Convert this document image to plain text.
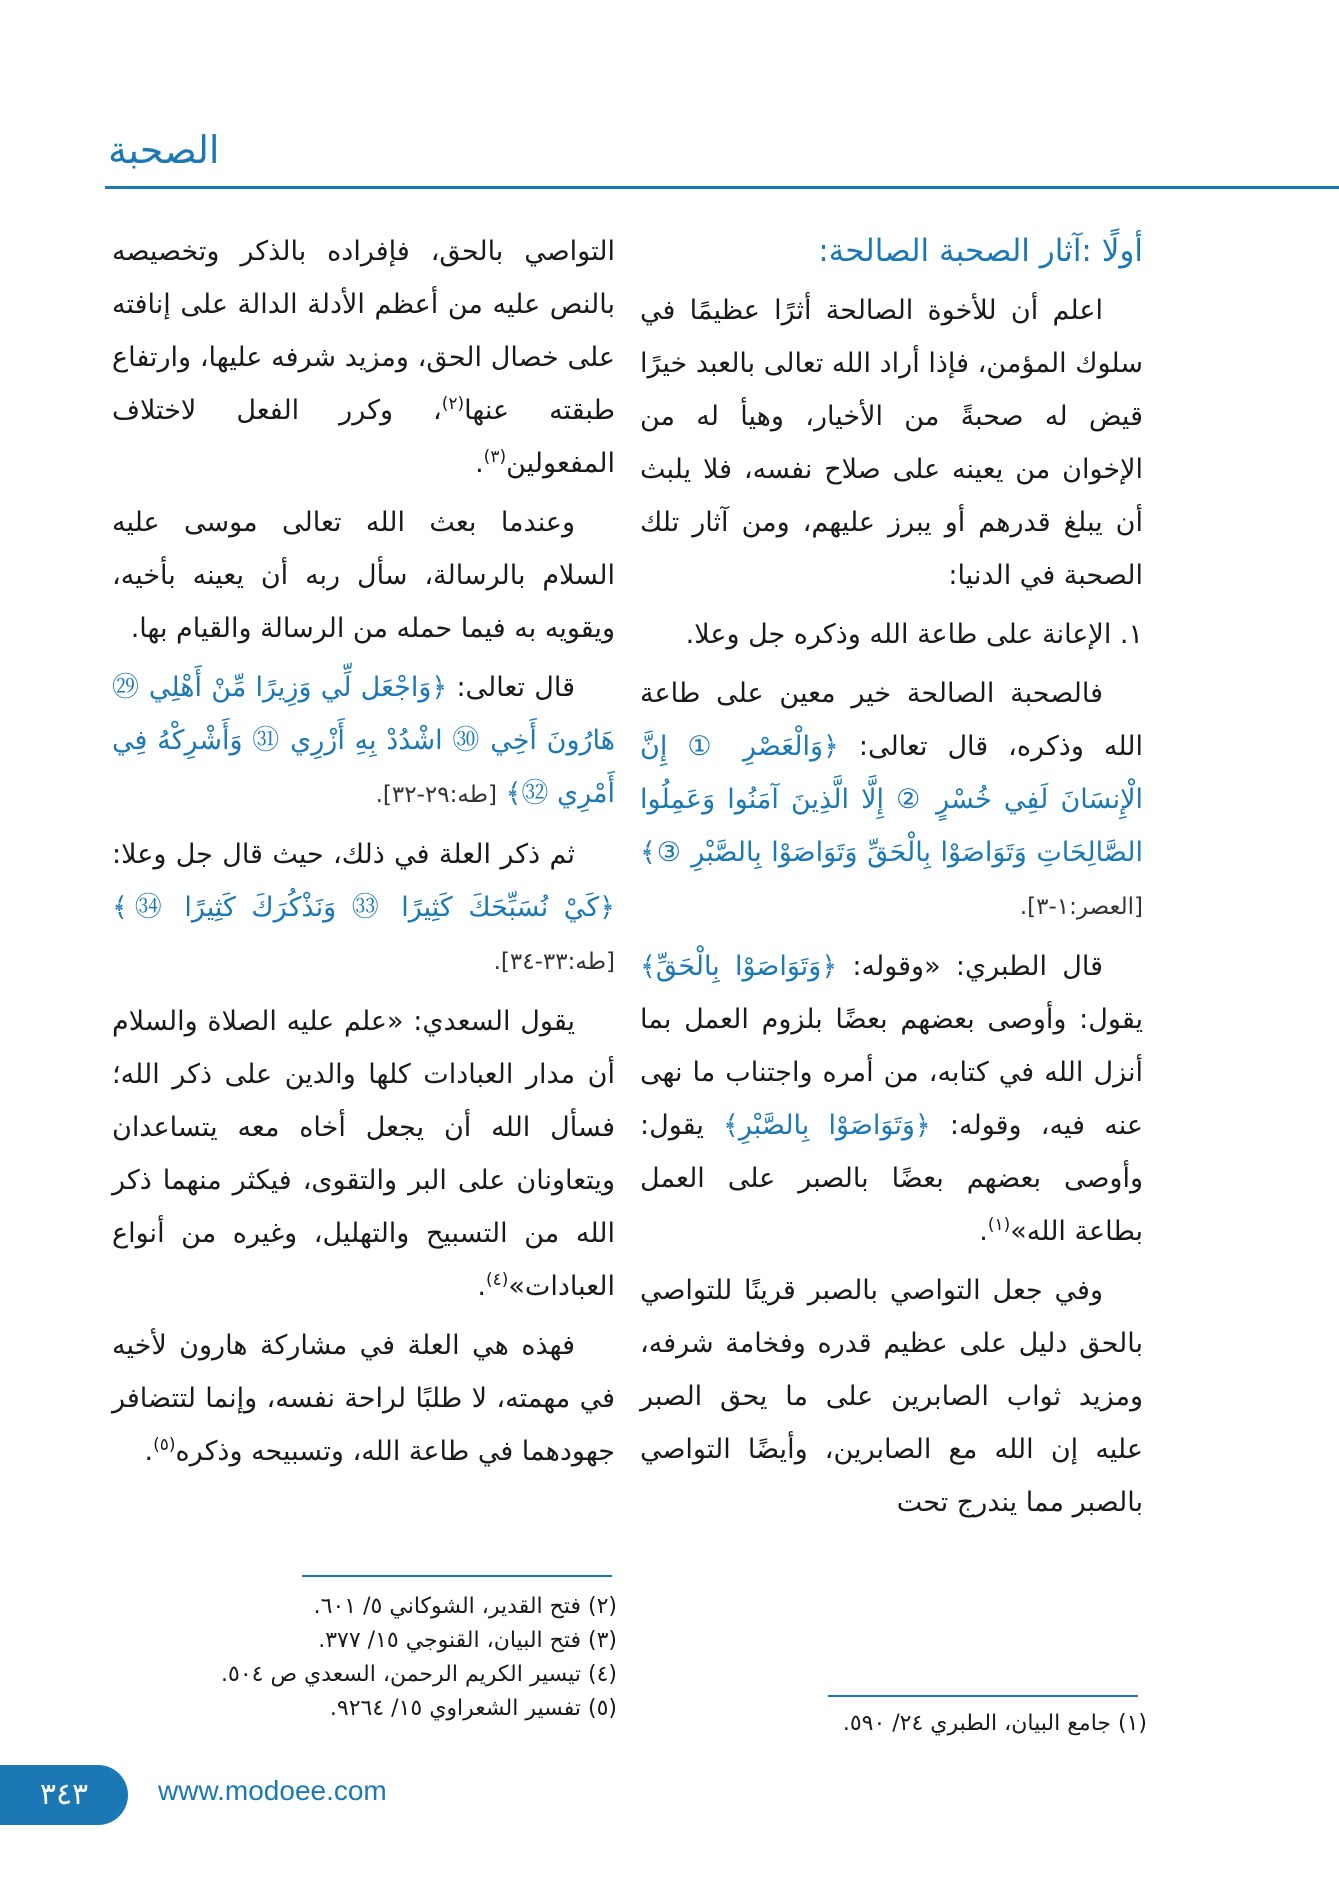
الصحبة
أولًا :آثار الصحبة الصالحة:

اعلم أن للأخوة الصالحة أثرًا عظيمًا في سلوك المؤمن، فإذا أراد الله تعالى بالعبد خيرًا قيض له صحبةً من الأخيار، وهيأ له من الإخوان من يعينه على صلاح نفسه، فلا يلبث أن يبلغ قدرهم أو يبرز عليهم، ومن آثار تلك الصحبة في الدنيا:

١. الإعانة على طاعة الله وذكره جل وعلا.

فالصحبة الصالحة خير معين على طاعة الله وذكره، قال تعالى: ﴿وَالْعَصْرِ ① إِنَّ الْإِنسَانَ لَفِي خُسْرٍ ② إِلَّا الَّذِينَ آمَنُوا وَعَمِلُوا الصَّالِحَاتِ وَتَوَاصَوْا بِالْحَقِّ وَتَوَاصَوْا بِالصَّبْرِ ③﴾ [العصر:١-٣].

قال الطبري: «وقوله: ﴿وَتَوَاصَوْا بِالْحَقِّ﴾ يقول: وأوصى بعضهم بعضًا بلزوم العمل بما أنزل الله في كتابه، من أمره واجتناب ما نهى عنه فيه، وقوله: ﴿وَتَوَاصَوْا بِالصَّبْرِ﴾ يقول: وأوصى بعضهم بعضًا بالصبر على العمل بطاعة الله»$^{(١)}$.

وفي جعل التواصي بالصبر قرينًا للتواصي بالحق دليل على عظيم قدره وفخامة شرفه، ومزيد ثواب الصابرين على ما يحق الصبر عليه إن الله مع الصابرين، وأيضًا التواصي بالصبر مما يندرج تحت

(١) جامع البيان، الطبري ٢٤/ ٥٩٠.

التواصي بالحق، فإفراده بالذكر وتخصيصه بالنص عليه من أعظم الأدلة الدالة على إنافته على خصال الحق، ومزيد شرفه عليها، وارتفاع طبقته عنها$^{(٢)}$، وكرر الفعل لاختلاف المفعولين$^{(٣)}$.

وعندما بعث الله تعالى موسى عليه السلام بالرسالة، سأل ربه أن يعينه بأخيه، ويقويه به فيما حمله من الرسالة والقيام بها.

قال تعالى: ﴿وَاجْعَل لِّي وَزِيرًا مِّنْ أَهْلِي ㉙ هَارُونَ أَخِي ㉚ اشْدُدْ بِهِ أَزْرِي ㉛ وَأَشْرِكْهُ فِي أَمْرِي ㉜﴾ [طه:٢٩-٣٢].

ثم ذكر العلة في ذلك، حيث قال جل وعلا: ﴿كَيْ نُسَبِّحَكَ كَثِيرًا ㉝ وَنَذْكُرَكَ كَثِيرًا ㉞﴾ [طه:٣٣-٣٤].

يقول السعدي: «علم عليه الصلاة والسلام أن مدار العبادات كلها والدين على ذكر الله؛ فسأل الله أن يجعل أخاه معه يتساعدان ويتعاونان على البر والتقوى، فيكثر منهما ذكر الله من التسبيح والتهليل، وغيره من أنواع العبادات»$^{(٤)}$.

فهذه هي العلة في مشاركة هارون لأخيه في مهمته، لا طلبًا لراحة نفسه، وإنما لتتضافر جهودهما في طاعة الله، وتسبيحه وذكره$^{(٥)}$.

(٢) فتح القدير، الشوكاني ٥/ ٦٠١.
(٣) فتح البيان، القنوجي ١٥/ ٣٧٧.
(٤) تيسير الكريم الرحمن، السعدي ص ٥٠٤.
(٥) تفسير الشعراوي ١٥/ ٩٢٦٤.
٣٤٣	www.modoee.com
